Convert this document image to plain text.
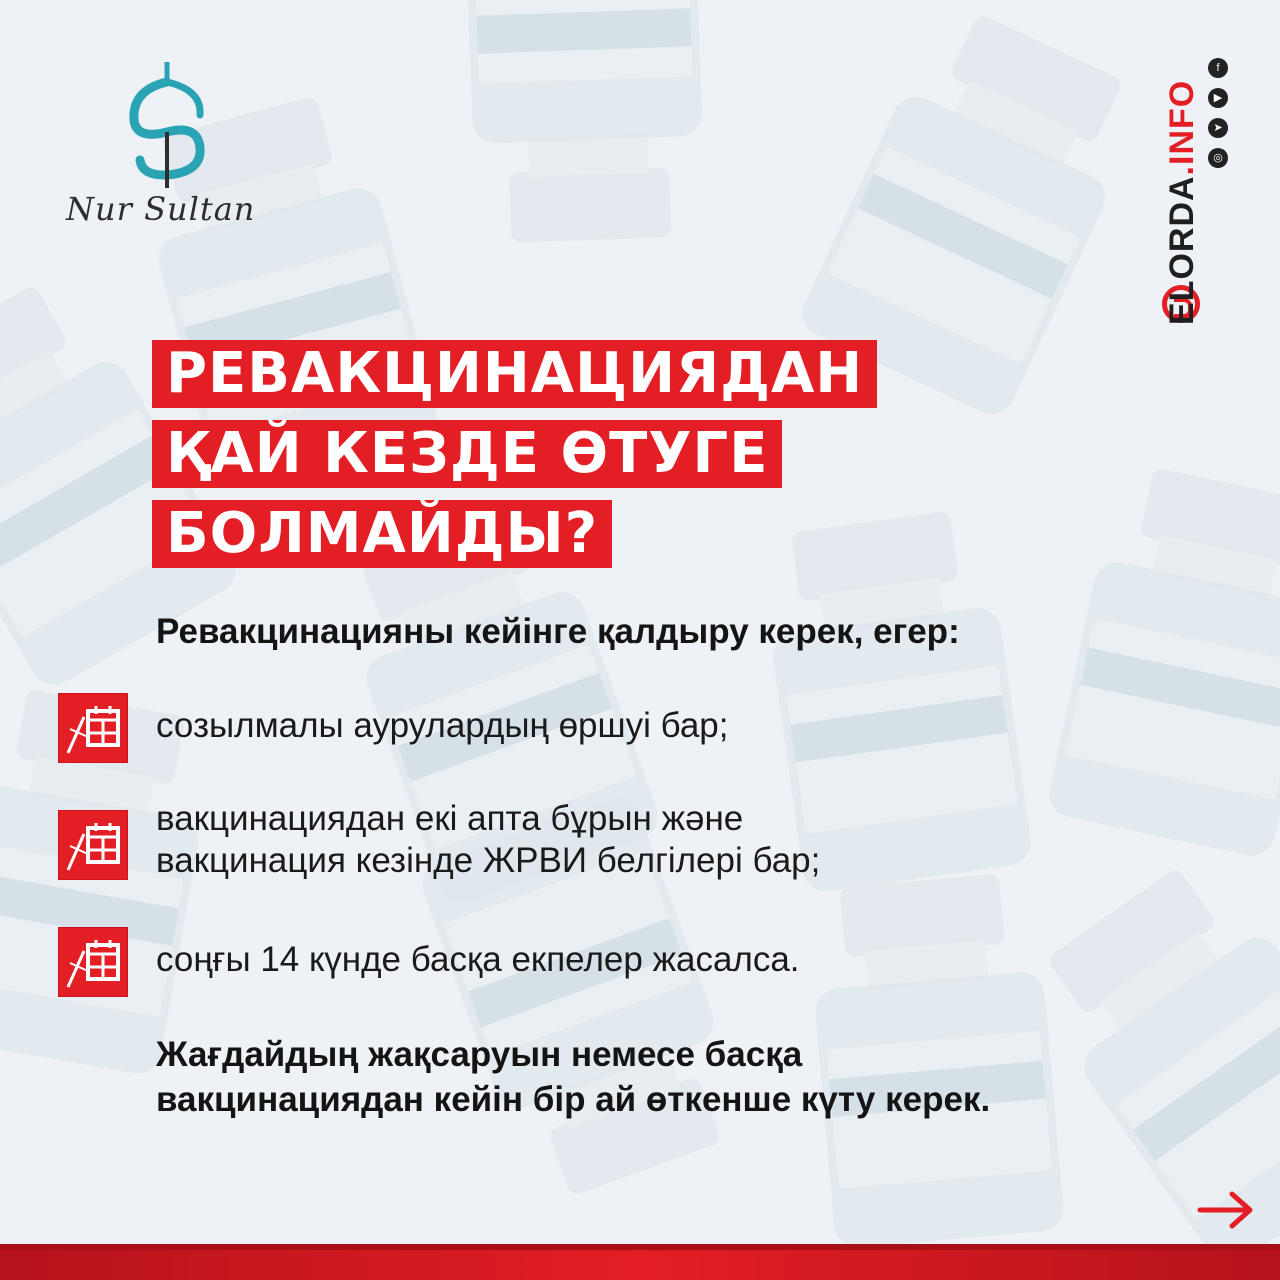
Nur Sultan	ELORDA.INFO
f
▶
➤
◎
РЕВАКЦИНАЦИЯДАН
ҚАЙ КЕЗДЕ ӨТУГЕ
БОЛМАЙДЫ?
Ревакцинацияны кейінге қалдыру керек, егер:
созылмалы аурулардың өршуі бар;
вакцинациядан екі апта бұрын және
вакцинация кезінде ЖРВИ белгілері бар;
соңғы 14 күнде басқа екпелер жасалса.
Жағдайдың жақсаруын немесе басқа
вакцинациядан кейін бір ай өткенше күту керек.
